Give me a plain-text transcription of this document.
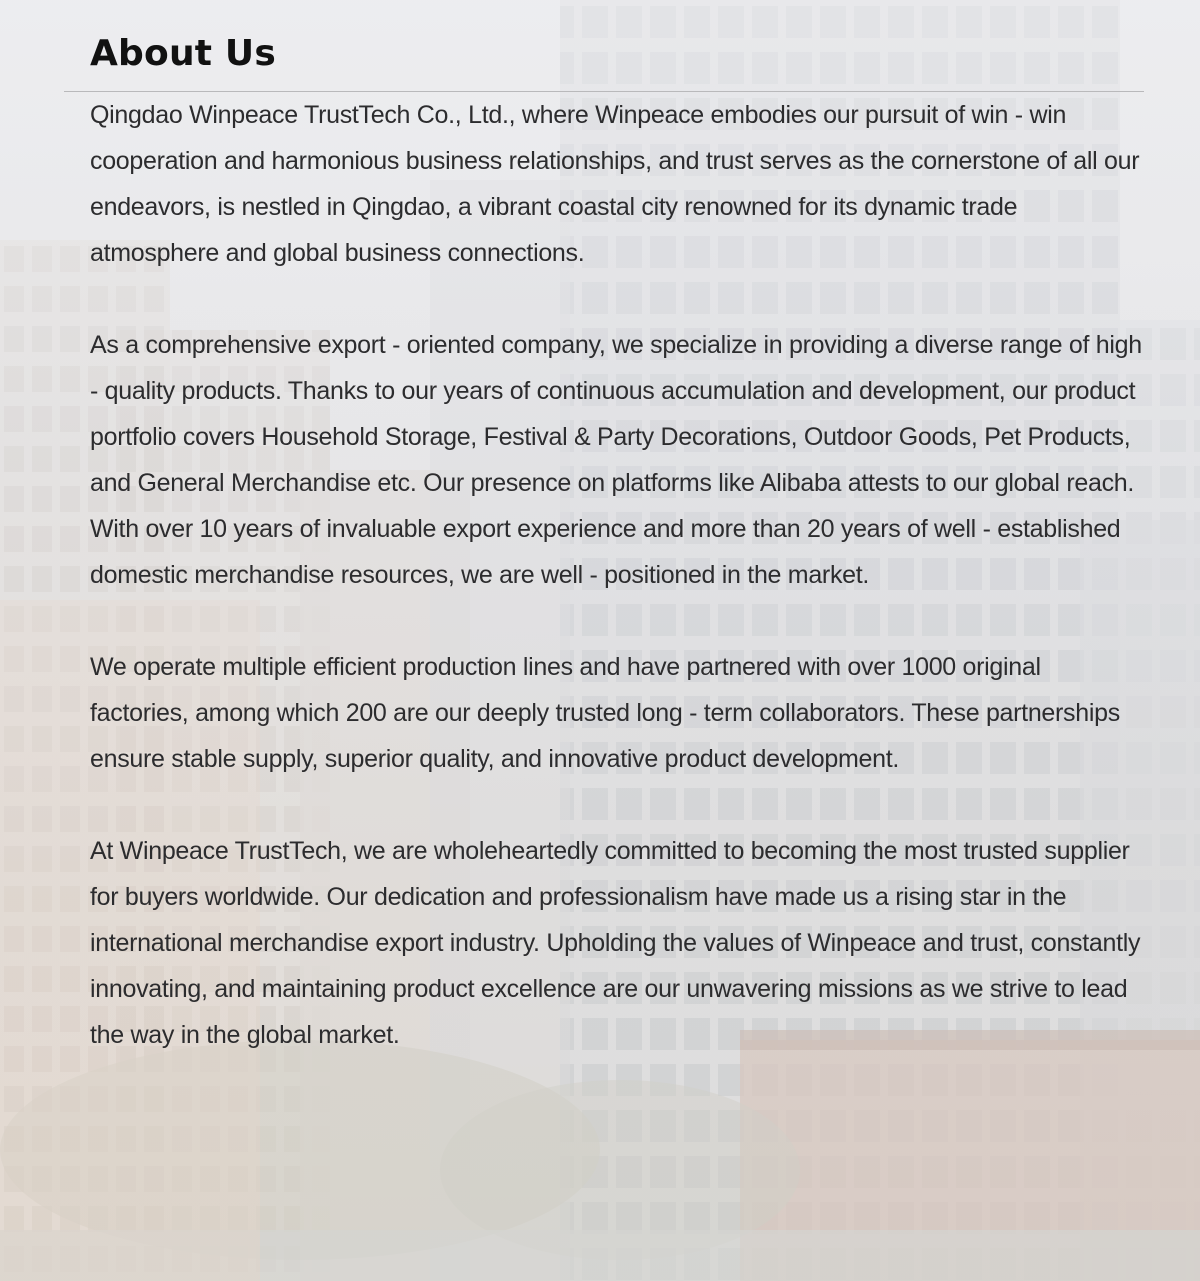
About Us

Qingdao Winpeace TrustTech Co., Ltd., where Winpeace embodies our pursuit of win - win cooperation and harmonious business relationships, and trust serves as the cornerstone of all our endeavors, is nestled in Qingdao, a vibrant coastal city renowned for its dynamic trade atmosphere and global business connections.

As a comprehensive export - oriented company, we specialize in providing a diverse range of high - quality products. Thanks to our years of continuous accumulation and development, our product portfolio covers Household Storage, Festival & Party Decorations, Outdoor Goods, Pet Products, and General Merchandise etc. Our presence on platforms like Alibaba attests to our global reach. With over 10 years of invaluable export experience and more than 20 years of well - established domestic merchandise resources, we are well - positioned in the market.

We operate multiple efficient production lines and have partnered with over 1000 original factories, among which 200 are our deeply trusted long - term collaborators. These partnerships ensure stable supply, superior quality, and innovative product development.

At Winpeace TrustTech, we are wholeheartedly committed to becoming the most trusted supplier for buyers worldwide. Our dedication and professionalism have made us a rising star in the international merchandise export industry. Upholding the values of Winpeace and trust, constantly innovating, and maintaining product excellence are our unwavering missions as we strive to lead the way in the global market.
